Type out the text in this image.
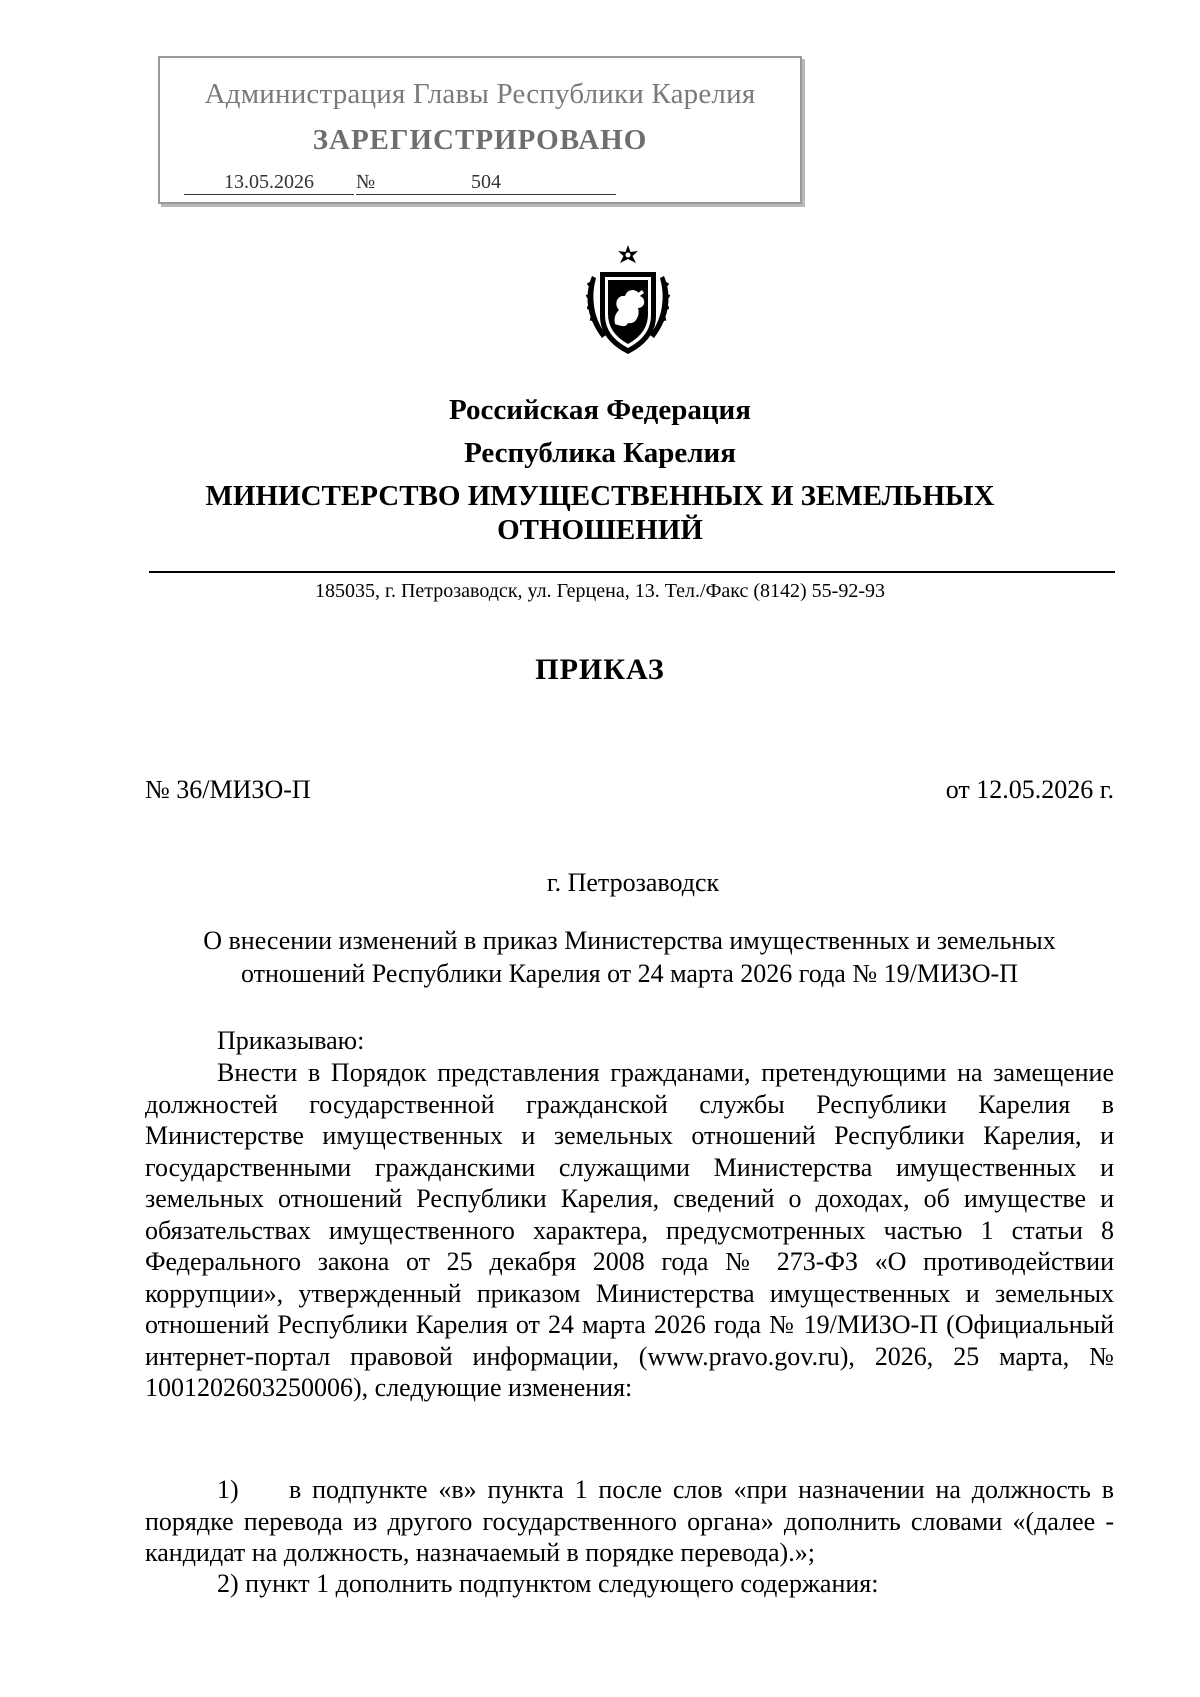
Администрация Главы Республики Карелия
ЗАРЕГИСТРИРОВАНО
13.05.2026 №	504
Российская Федерация
Республика Карелия
МИНИСТЕРСТВО ИМУЩЕСТВЕННЫХ И ЗЕМЕЛЬНЫХ ОТНОШЕНИЙ
185035, г. Петрозаводск, ул. Герцена, 13. Тел./Факс (8142) 55-92-93
ПРИКАЗ
№ 36/МИЗО-П	от 12.05.2026 г.
г. Петрозаводск
О внесении изменений в приказ Министерства имущественных и земельных отношений Республики Карелия от 24 марта 2026 года № 19/МИЗО-П

Приказываю:

Внести в Порядок представления гражданами, претендующими на замещение должностей государственной гражданской службы Республики Карелия в Министерстве имущественных и земельных отношений Республики Карелия, и государственными гражданскими служащими Министерства имущественных и земельных отношений Республики Карелия, сведений о доходах, об имуществе и обязательствах имущественного характера, предусмотренных частью 1 статьи 8 Федерального закона от 25 декабря 2008 года № 273-ФЗ «О противодействии коррупции», утвержденный приказом Министерства имущественных и земельных отношений Республики Карелия от 24 марта 2026 года № 19/МИЗО-П (Официальный интернет-портал правовой информации, (www.pravo.gov.ru), 2026, 25 марта, № 1001202603250006), следующие изменения:
1) в подпункте «в» пункта 1 после слов «при назначении на должность в порядке перевода из другого государственного органа» дополнить словами «(далее - кандидат на должность, назначаемый в порядке перевода).»;

2) пункт 1 дополнить подпунктом следующего содержания:
